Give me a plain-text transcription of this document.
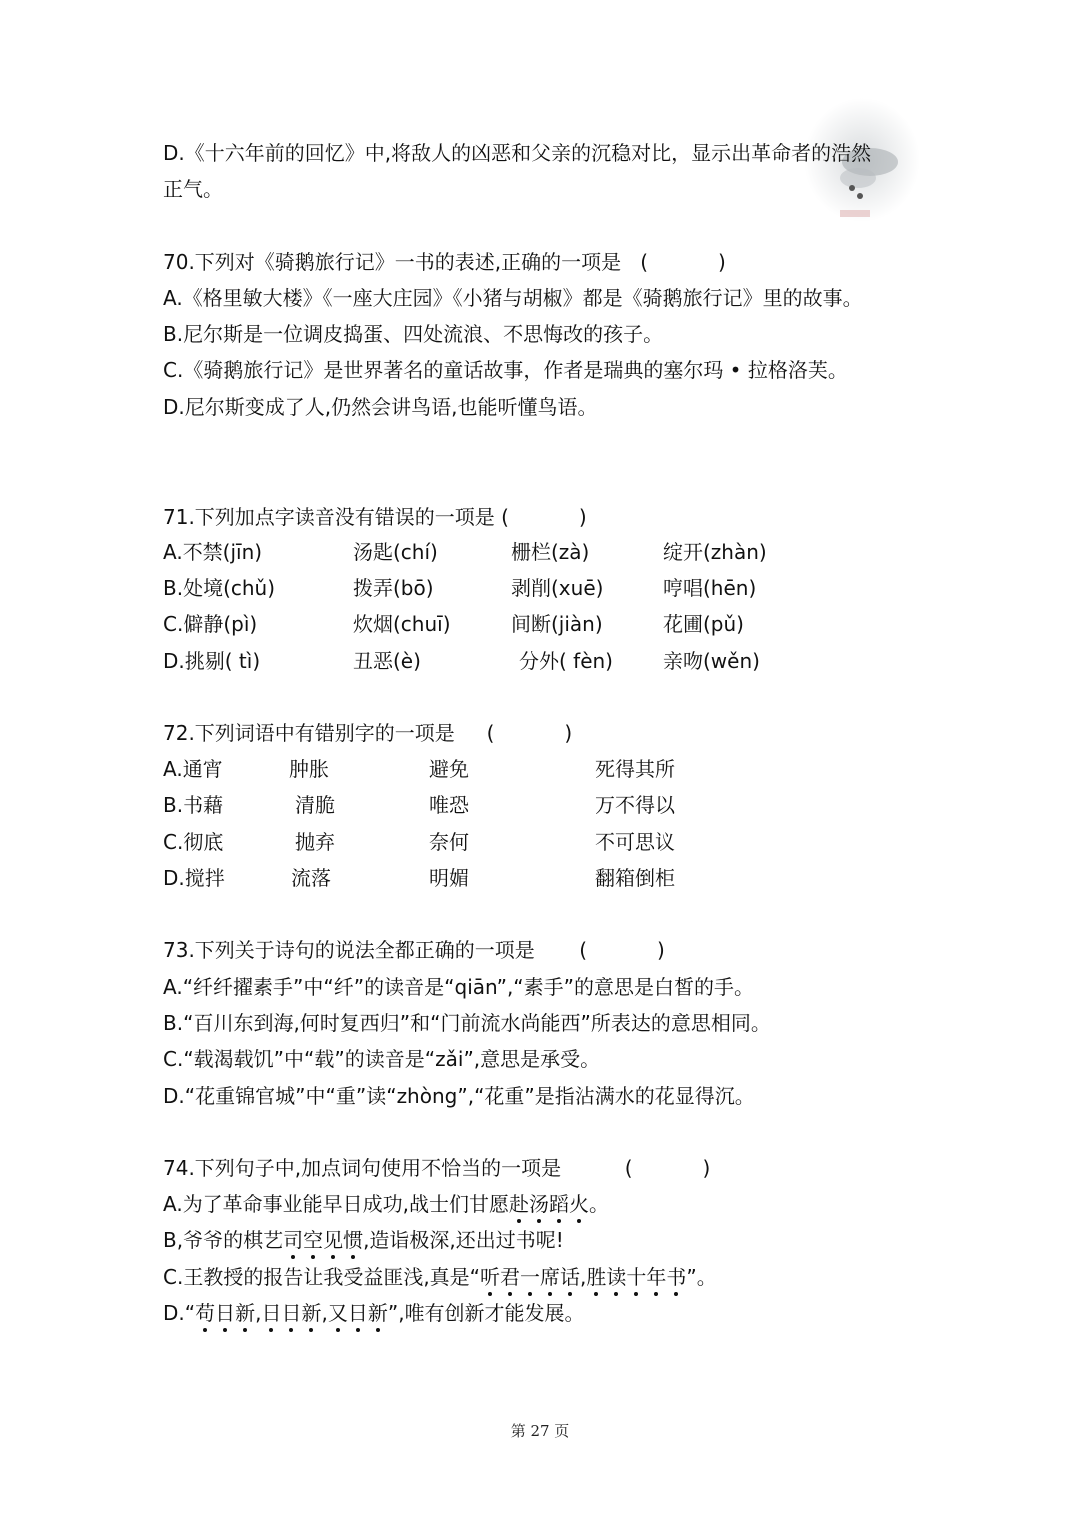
D.《十六年前的回忆》中,将敌人的凶恶和父亲的沉稳对比，显示出革命者的浩然
正气。
70.下列对《骑鹅旅行记》一书的表述,正确的一项是   (           )
A.《格里敏大楼》《一座大庄园》《小猪与胡椒》都是《骑鹅旅行记》里的故事。
B.尼尔斯是一位调皮捣蛋、四处流浪、不思悔改的孩子。
C.《骑鹅旅行记》是世界著名的童话故事，作者是瑞典的塞尔玛 • 拉格洛芙。
D.尼尔斯变成了人,仍然会讲鸟语,也能听懂鸟语。
71.下列加点字读音没有错误的一项是 (           )
A.不禁(jīn)	汤匙(chí)	栅栏(zà)	绽开(zhàn)
B.处境(chǔ)	拨弄(bō)	剥削(xuē)	哼唱(hēn)
C.僻静(pì)	炊烟(chuī)	间断(jiàn)	花圃(pǔ)
D.挑剔( tì)	丑恶(è)	分外( fèn)	亲吻(wěn)
72.下列词语中有错别字的一项是     (           )
A.通宵	肿胀	避免	死得其所
B.书藉	清脆	唯恐	万不得以
C.彻底	抛弃	奈何	不可思议
D.搅拌	流落	明媚	翻箱倒柜
73.下列关于诗句的说法全都正确的一项是       (           )
A.“纤纤擢素手”中“纤”的读音是“qiān”,“素手”的意思是白皙的手。
B.“百川东到海,何时复西归”和“门前流水尚能西”所表达的意思相同。
C.“载渴载饥”中“载”的读音是“zǎi”,意思是承受。
D.“花重锦官城”中“重”读“zhòng”,“花重”是指沾满水的花显得沉。
74.下列句子中,加点词句使用不恰当的一项是          (           )
A.为了革命事业能早日成功,战士们甘愿赴汤蹈火。
B,爷爷的棋艺司空见惯,造诣极深,还出过书呢!
C.王教授的报告让我受益匪浅,真是“听君一席话,胜读十年书”。
D.“苟日新,日日新,又日新”,唯有创新才能发展。
第 27 页
